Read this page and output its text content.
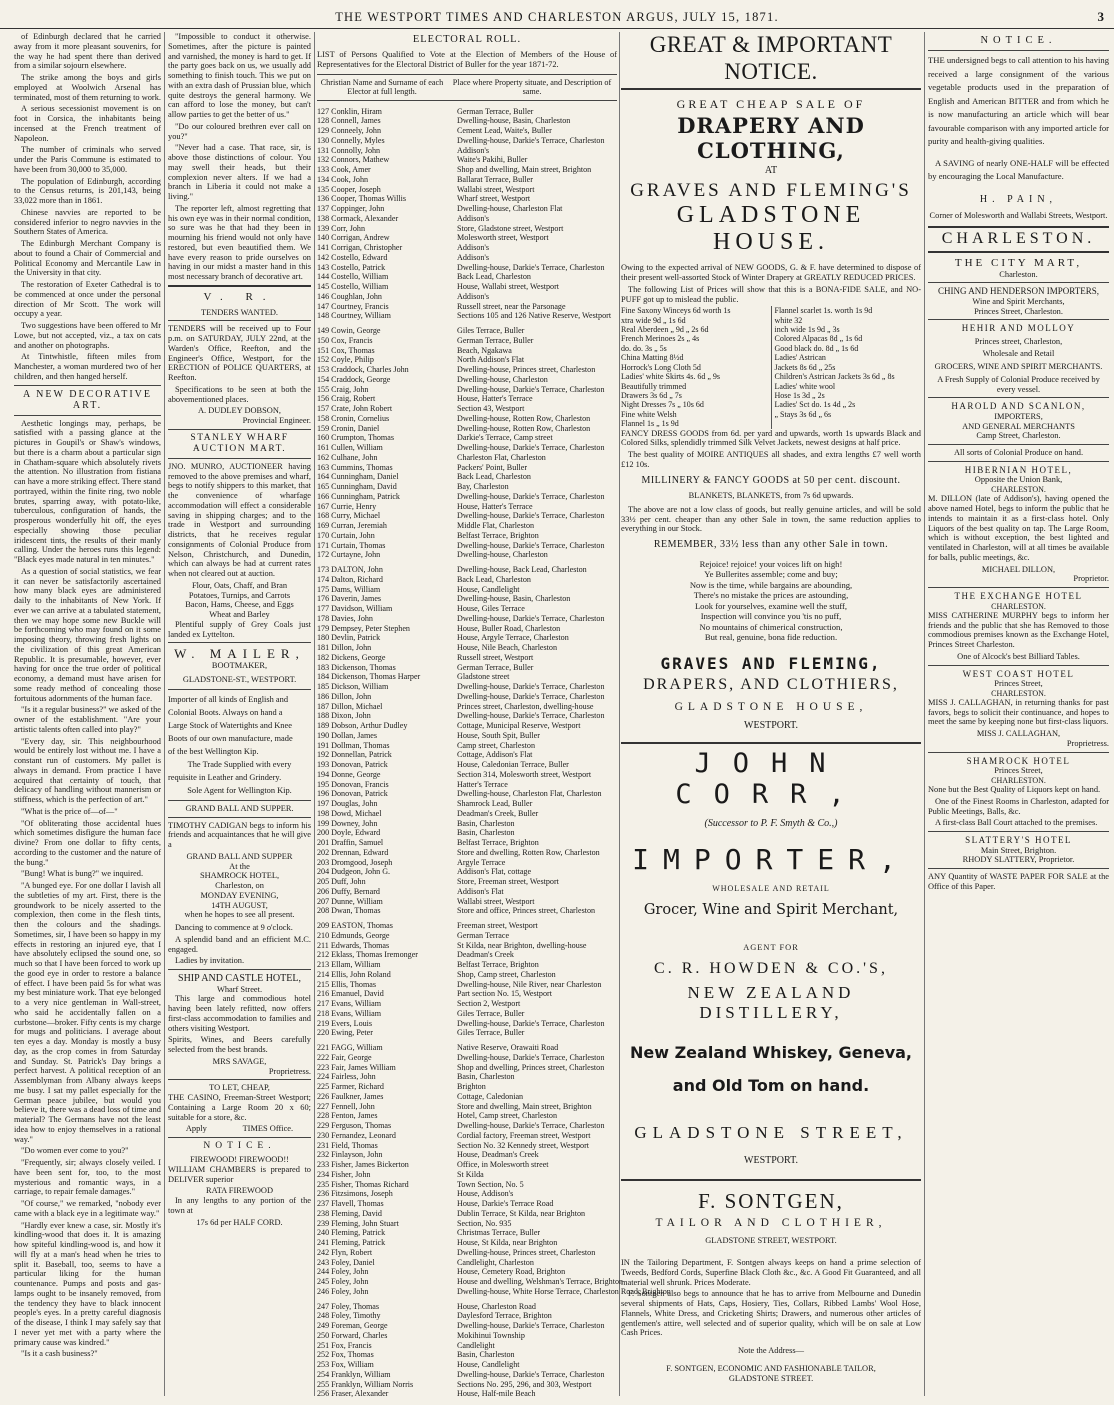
THE WESTPORT TIMES AND CHARLESTON ARGUS, JULY 15, 1871.	3

of Edinburgh declared that he carried away from it more pleasant souvenirs, for the way he had spent there than derived from a similar sojourn elsewhere.

The strike among the boys and girls employed at Woolwich Arsenal has terminated, most of them returning to work.

A serious secessionist movement is on foot in Corsica, the inhabitants being incensed at the French treatment of Napoleon.

The number of criminals who served under the Paris Commune is estimated to have been from 30,000 to 35,000.

The population of Edinburgh, according to the Census returns, is 201,143, being 33,022 more than in 1861.

Chinese navvies are reported to be considered inferior to negro navvies in the Southern States of America.

The Edinburgh Merchant Company is about to found a Chair of Commercial and Political Economy and Mercantile Law in the University in that city.

The restoration of Exeter Cathedral is to be commenced at once under the personal direction of Mr Scott. The work will occupy a year.

Two suggestions have been offered to Mr Lowe, but not accepted, viz., a tax on cats and another on photographs.

At Tintwhistle, fifteen miles from Manchester, a woman murdered two of her children, and then hanged herself.

A NEW DECORATIVE ART.

Aesthetic longings may, perhaps, be satisfied with a passing glance at the pictures in Goupil's or Shaw's windows, but there is a charm about a particular sign in Chatham-square which absolutely rivets the attention. No illustration from fistiana can have a more striking effect. There stand portrayed, within the finite ring, two noble brutes, sparring away, with potato-like, tuberculous, configuration of hands, the prosperous wonderfully hit off, the eyes especially showing those peculiar iridescent tints, the results of their manly calling. Under the heroes runs this legend: "Black eyes made natural in ten minutes."

As a question of social statistics, we fear it can never be satisfactorily ascertained how many black eyes are administered daily to the inhabitants of New York. If ever we can arrive at a tabulated statement, then we may hope some new Buckle will be forthcoming who may found on it some imposing theory, throwing fresh lights on the civilization of this great American Republic. It is presumable, however, ever having for once the true order of political economy, a demand must have arisen for some ready method of concealing those fortuitous adornments of the human face.

"Is it a regular business?" we asked of the owner of the establishment. "Are your artistic talents often called into play?"

"Every day, sir. This neighbourhood would be entirely lost without me. I have a constant run of customers. My pallet is always in demand. From practice I have acquired that certainty of touch, that delicacy of handling without mannerism or stiffness, which is the perfection of art."

"What is the price of—of—"

"Of obliterating those accidental hues which sometimes disfigure the human face divine? From one dollar to fifty cents, according to the customer and the nature of the bung."

"Bung! What is bung?" we inquired.

"A bunged eye. For one dollar I lavish all the subtleties of my art. First, there is the groundwork to be nicely asserted to the complexion, then come in the flesh tints, then the colours and the shadings. Sometimes, sir, I have been so happy in my effects in restoring an injured eye, that I have absolutely eclipsed the sound one, so much so that I have been forced to work up the good eye in order to restore a balance of effect. I have been paid 5s for what was my best miniature work. That eye belonged to a very nice gentleman in Wall-street, who said he accidentally fallen on a curbstone—broker. Fifty cents is my charge for mugs and politicians. I average about ten eyes a day. Monday is mostly a busy day, as the crop comes in from Saturday and Sunday. St. Patrick's Day brings a perfect harvest. A political reception of an Assemblyman from Albany always keeps me busy. I sat my pallet especially for the German peace jubilee, but would you believe it, there was a dead loss of time and material? The Germans have not the least idea how to enjoy themselves in a rational way."

"Do women ever come to you?"

"Frequently, sir; always closely veiled. I have been sent for, too, to the most mysterious and romantic ways, in a carriage, to repair female damages."

"Of course," we remarked, "nobody ever came with a black eye in a legitimate way."

"Hardly ever knew a case, sir. Mostly it's kindling-wood that does it. It is amazing how spiteful kindling-wood is, and how it will fly at a man's head when he tries to split it. Baseball, too, seems to have a particular liking for the human countenance. Pumps and posts and gas-lamps ought to be insanely removed, from the tendency they have to black innocent people's eyes. In a pretty careful diagnosis of the disease, I think I may safely say that I never yet met with a party where the primary cause was kindred."

"Is it a cash business?"

"Impossible to conduct it otherwise. Sometimes, after the picture is painted and varnished, the money is hard to get. If the party goes back on us, we usually add something to finish touch. This we put on with an extra dash of Prussian blue, which quite destroys the general harmony. We can afford to lose the money, but can't allow parties to get the better of us."

"Do our coloured brethren ever call on you?"

"Never had a case. That race, sir, is above those distinctions of colour. You may swell their heads, but their complexion never alters. If we had a branch in Liberia it could not make a living."

The reporter left, almost regretting that his own eye was in their normal condition, so sure was he that had they been in mourning his friend would not only have restored, but even beautified them. We have every reason to pride ourselves on having in our midst a master hand in this most necessary branch of decorative art.

V. R.
TENDERS WANTED.

TENDERS will be received up to Four p.m. on SATURDAY, JULY 22nd, at the Warden's Office, Reefton, and the Engineer's Office, Westport, for the ERECTION of POLICE QUARTERS, at Reefton.

Specifications to be seen at both the abovementioned places.

A. DUDLEY DOBSON,
Provincial Engineer.
STANLEY WHARF AUCTION MART.

JNO. MUNRO, AUCTIONEER having removed to the above premises and wharf, begs to notify shippers to this market, that the convenience of wharfage accommodation will effect a considerable saving in shipping charges; and to the trade in Westport and surrounding districts, that he receives regular consignments of Colonial Produce from Nelson, Christchurch, and Dunedin, which can always be had at current rates when not cleared out at auction.

Flour, Oats, Chaff, and Bran
Potatoes, Turnips, and Carrots
Bacon, Hams, Cheese, and Eggs
Wheat and Barley

Plentiful supply of Grey Coals just landed ex Lyttelton.

W. MAILER,
BOOTMAKER,
GLADSTONE-ST., WESTPORT.
Importer of all kinds of English and
Colonial Boots. Always on hand a
Large Stock of Watertights and Knee
Boots of our own manufacture, made
of the best Wellington Kip.
The Trade Supplied with every
requisite in Leather and Grindery.
Sole Agent for Wellington Kip.
GRAND BALL AND SUPPER.

TIMOTHY CADIGAN begs to inform his friends and acquaintances that he will give a

GRAND BALL AND SUPPER
At the
SHAMROCK HOTEL,
Charleston, on
MONDAY EVENING,
14TH AUGUST,
when he hopes to see all present.

Dancing to commence at 9 o'clock.

A splendid band and an efficient M.C. engaged.

Ladies by invitation.

SHIP AND CASTLE HOTEL,
Wharf Street.

This large and commodious hotel having been lately refitted, now offers first-class accommodation to families and others visiting Westport.

Spirits, Wines, and Beers carefully selected from the best brands.

MRS SAVAGE,
Proprietress.
TO LET, CHEAP,

THE CASINO, Freeman-Street Westport; Containing a Large Room 20 x 60; suitable for a store, &c.

Apply	TIMES Office.
NOTICE.
FIREWOOD! FIREWOOD!!

WILLIAM CHAMBERS is prepared to DELIVER superior

RATA FIREWOOD

In any lengths to any portion of the town at

17s 6d per HALF CORD.
ELECTORAL ROLL.

LIST of Persons Qualified to Vote at the Election of Members of the House of Representatives for the Electoral District of Buller for the year 1871-72.

Christian Name and Surname of each Elector at full length.
Place where Property situate, and Description of same.
127 Conklin, Hiram	German Terrace, Buller
128 Connell, James	Dwelling-house, Basin, Charleston
129 Conneely, John	Cement Lead, Waite's, Buller
130 Connelly, Myles	Dwelling-house, Darkie's Terrace, Charleston
131 Connolly, John	Addison's
132 Connors, Mathew	Waite's Pakihi, Buller
133 Cook, Amer	Shop and dwelling, Main street, Brighton
134 Cook, John	Ballarat Terrace, Buller
135 Cooper, Joseph	Wallabi street, Westport
136 Cooper, Thomas Willis	Wharf street, Westport
137 Coppinger, John	Dwelling-house, Charleston Flat
138 Cormack, Alexander	Addison's
139 Corr, John	Store, Gladstone street, Westport
140 Corrigan, Andrew	Molesworth street, Westport
141 Corrigan, Christopher	Addison's
142 Costello, Edward	Addison's
143 Costello, Patrick	Dwelling-house, Darkie's Terrace, Charleston
144 Costello, William	Back Lead, Charleston
145 Costello, William	House, Wallabi street, Westport
146 Coughlan, John	Addison's
147 Courtney, Francis	Russell street, near the Parsonage
148 Courtney, William	Sections 105 and 126 Native Reserve, Westport
149 Cowin, George	Giles Terrace, Buller
150 Cox, Francis	German Terrace, Buller
151 Cox, Thomas	Beach, Ngakawa
152 Coyle, Philip	North Addison's Flat
153 Craddock, Charles John	Dwelling-house, Princes street, Charleston
154 Craddock, George	Dwelling-house, Charleston
155 Craig, John	Dwelling-house, Darkie's Terrace, Charleston
156 Craig, Robert	House, Hatter's Terrace
157 Crate, John Robert	Section 43, Westport
158 Cronin, Cornelius	Dwelling-house, Rotten Row, Charleston
159 Cronin, Daniel	Dwelling-house, Rotten Row, Charleston
160 Crumpton, Thomas	Darkie's Terrace, Camp street
161 Cullen, William	Dwelling-house, Darkie's Terrace, Charleston
162 Culhane, John	Charleston Flat, Charleston
163 Cummins, Thomas	Packers' Point, Buller
164 Cunningham, Daniel	Back Lead, Charleston
165 Cunningham, David	Bay, Charleston
166 Cunningham, Patrick	Dwelling-house, Darkie's Terrace, Charleston
167 Currie, Henry	House, Hatter's Terrace
168 Curry, Michael	Dwelling-house, Darkie's Terrace, Charleston
169 Curran, Jeremiah	Middle Flat, Charleston
170 Curtain, John	Belfast Terrace, Brighton
171 Curtain, Thomas	Dwelling-house, Darkie's Terrace, Charleston
172 Curtayne, John	Dwelling-house, Charleston
173 DALTON, John	Dwelling-house, Back Lead, Charleston
174 Dalton, Richard	Back Lead, Charleston
175 Dams, William	House, Candlelight
176 Daverin, James	Dwelling-house, Basin, Charleston
177 Davidson, William	House, Giles Terrace
178 Davies, John	Dwelling-house, Darkie's Terrace, Charleston
179 Dempsey, Peter Stephen	House, Buller Road, Charleston
180 Devlin, Patrick	House, Argyle Terrace, Charleston
181 Dillon, John	House, Nile Beach, Charleston
182 Dickens, George	Russell street, Westport
183 Dickenson, Thomas	German Terrace, Buller
184 Dickenson, Thomas Harper	Gladstone street
185 Dickson, William	Dwelling-house, Darkie's Terrace, Charleston
186 Dillon, John	Dwelling-house, Darkie's Terrace, Charleston
187 Dillon, Michael	Princes street, Charleston, dwelling-house
188 Dixon, John	Dwelling-house, Darkie's Terrace, Charleston
189 Dobson, Arthur Dudley	Cottage, Municipal Reserve, Westport
190 Dollan, James	House, South Spit, Buller
191 Dollman, Thomas	Camp street, Charleston
192 Donnellan, Patrick	Cottage, Addison's Flat
193 Donovan, Patrick	House, Caledonian Terrace, Buller
194 Donne, George	Section 314, Molesworth street, Westport
195 Donovan, Francis	Hatter's Terrace
196 Donovan, Patrick	Dwelling-house, Charleston Flat, Charleston
197 Douglas, John	Shamrock Lead, Buller
198 Dowd, Michael	Deadman's Creek, Buller
199 Downey, John	Basin, Charleston
200 Doyle, Edward	Basin, Charleston
201 Draffin, Samuel	Belfast Terrace, Brighton
202 Drennan, Edward	Store and dwelling, Rotten Row, Charleston
203 Dromgood, Joseph	Argyle Terrace
204 Dudgeon, John G.	Addison's Flat, cottage
205 Duff, John	Store, Freeman street, Westport
206 Duffy, Bernard	Addison's Flat
207 Dunne, William	Wallabi street, Westport
208 Dwan, Thomas	Store and office, Princes street, Charleston
209 EASTON, Thomas	Freeman street, Westport
210 Edmunds, George	German Terrace
211 Edwards, Thomas	St Kilda, near Brighton, dwelling-house
212 Eklass, Thomas Iremonger	Deadman's Creek
213 Ellam, William	Belfast Terrace, Brighton
214 Ellis, John Roland	Shop, Camp street, Charleston
215 Ellis, Thomas	Dwelling-house, Nile River, near Charleston
216 Emanuel, David	Part section No. 15, Westport
217 Evans, William	Section 2, Westport
218 Evans, William	Giles Terrace, Buller
219 Evers, Louis	Dwelling-house, Darkie's Terrace, Charleston
220 Ewing, Peter	Giles Terrace, Buller
221 FAGG, William	Native Reserve, Orawaiti Road
222 Fair, George	Dwelling-house, Darkie's Terrace, Charleston
223 Fair, James William	Shop and dwelling, Princes street, Charleston
224 Fairless, John	Basin, Charleston
225 Farmer, Richard	Brighton
226 Faulkner, James	Cottage, Caledonian
227 Fennell, John	Store and dwelling, Main street, Brighton
228 Fenton, James	Hotel, Camp street, Charleston
229 Ferguson, Thomas	Dwelling-house, Darkie's Terrace, Charleston
230 Fernandez, Leonard	Cordial factory, Freeman street, Westport
231 Field, Thomas	Section No. 32 Kennedy street, Westport
232 Finlayson, John	House, Deadman's Creek
233 Fisher, James Bickerton	Office, in Molesworth street
234 Fisher, John	St Kilda
235 Fisher, Thomas Richard	Town Section, No. 5
236 Fitzsimons, Joseph	House, Addison's
237 Flavell, Thomas	House, Darkie's Terrace Road
238 Fleming, David	Dublin Terrace, St Kilda, near Brighton
239 Fleming, John Stuart	Section, No. 935
240 Fleming, Patrick	Christmas Terrace, Buller
241 Fleming, Patrick	House, St Kilda, near Brighton
242 Flyn, Robert	Dwelling-house, Princes street, Charleston
243 Foley, Daniel	Candlelight, Charleston
244 Foley, John	House, Cemetery Road, Brighton
245 Foley, John	House and dwelling, Welshman's Terrace, Brighton
246 Foley, John	Dwelling-house, White Horse Terrace, Charleston Road, Brighton
247 Foley, Thomas	House, Charleston Road
248 Foley, Timothy	Daylesford Terrace, Brighton
249 Foreman, George	Dwelling-house, Darkie's Terrace, Charleston
250 Forward, Charles	Mokihinui Township
251 Fox, Francis	Candlelight
252 Fox, Thomas	Basin, Charleston
253 Fox, William	House, Candlelight
254 Franklyn, William	Dwelling-house, Darkie's Terrace, Charleston
255 Franklyn, William Norris	Sections No. 295, 296, and 303, Westport
256 Fraser, Alexander	House, Half-mile Beach
GREAT & IMPORTANT NOTICE.
GREAT CHEAP SALE OF
DRAPERY AND CLOTHING,
AT
GRAVES AND FLEMING'S
GLADSTONE HOUSE.

Owing to the expected arrival of NEW GOODS, G. & F. have determined to dispose of their present well-assorted Stock of Winter Drapery at GREATLY REDUCED PRICES.

The following List of Prices will show that this is a BONA-FIDE SALE, and NO-PUFF got up to mislead the public.

Fine Saxony Winceys 6d worth 1s
xtra wide 9d „ 1s 6d
Real Aberdeen „ 9d „ 2s 6d
French Merinoes 2s „ 4s
do. do. 3s „ 5s
China Matting 8½d
Horrock's Long Cloth 5d
Ladies' white Skirts 4s. 6d „ 9s
Beautifully trimmed
Drawers 3s 6d „ 7s
Night Dresses 7s „ 10s 6d
Fine white Welsh
Flannel 1s „ 1s 9d
Flannel scarlet 1s. worth 1s 9d
white 32
inch wide 1s 9d „ 3s
Colored Alpacas 8d „ 1s 6d
Good black do. 8d „ 1s 6d
Ladies' Astrican
Jackets 8s 6d „ 25s
Children's Astrican Jackets 3s 6d „ 8s
Ladies' white wool
Hose 1s 3d „ 2s
Ladies' Sct do. 1s 4d „ 2s
„ Stays 3s 6d „ 6s

FANCY DRESS GOODS from 6d. per yard and upwards, worth 1s upwards Black and Colored Silks, splendidly trimmed Silk Velvet Jackets, newest designs at half price.

The best quality of MOIRE ANTIQUES all shades, and extra lengths £7 well worth £12 10s.

MILLINERY & FANCY GOODS at 50 per cent. discount.
BLANKETS, BLANKETS, from 7s 6d upwards.

The above are not a low class of goods, but really genuine articles, and will be sold 33½ per cent. cheaper than any other Sale in town, the same reduction applies to everything in our Stock.

REMEMBER, 33½ less than any other Sale in town.
Rejoice! rejoice! your voices lift on high!
Ye Bullerites assemble; come and buy;
Now is the time, while bargains are abounding,
There's no mistake the prices are astounding,
Look for yourselves, examine well the stuff,
Inspection will convince you 'tis no puff,
No mountains of chimerical construction,
But real, genuine, bona fide reduction.
GRAVES AND FLEMING,
DRAPERS, AND CLOTHIERS,
GLADSTONE HOUSE,
WESTPORT.
JOHN CORR,
(Successor to P. F. Smyth & Co.,)
IMPORTER,
WHOLESALE AND RETAIL
Grocer, Wine and Spirit Merchant,
AGENT FOR
C. R. HOWDEN & CO.'S,
NEW ZEALAND DISTILLERY,
New Zealand Whiskey, Geneva,
and Old Tom on hand.
GLADSTONE STREET,
WESTPORT.
F. SONTGEN,
TAILOR AND CLOTHIER,
GLADSTONE STREET, WESTPORT.

IN the Tailoring Department, F. Sontgen always keeps on hand a prime selection of Tweeds, Bedford Cords, Superfine Black Cloth &c., &c. A Good Fit Guaranteed, and all material well shrunk. Prices Moderate.

F. Sontgen also begs to announce that he has to arrive from Melbourne and Dunedin several shipments of Hats, Caps, Hosiery, Ties, Collars, Ribbed Lambs' Wool Hose, Flannels, White Dress, and Cricketing Shirts; Drawers, and numerous other articles of gentlemen's attire, well selected and of superior quality, which will be on sale at Low Cash Prices.

Note the Address—
F. SONTGEN, ECONOMIC AND FASHIONABLE TAILOR,
GLADSTONE STREET.
NOTICE.

THE undersigned begs to call attention to his having received a large consignment of the various vegetable products used in the preparation of English and American BITTER and from which he is now manufacturing an article which will bear favourable comparison with any imported article for purity and health-giving qualities.

A SAVING of nearly ONE-HALF will be effected by encouraging the Local Manufacture.

H. PAIN,

Corner of Molesworth and Wallabi Streets, Westport.

CHARLESTON.
THE CITY MART,
Charleston.
CHING AND HENDERSON IMPORTERS,
Wine and Spirit Merchants,
Princes Street, Charleston.
HEHIR AND MOLLOY
Princes street, Charleston,
Wholesale and Retail
GROCERS, WINE AND SPIRIT MERCHANTS.

A Fresh Supply of Colonial Produce received by every vessel.

HAROLD AND SCANLON,
IMPORTERS,
AND GENERAL MERCHANTS
Camp Street, Charleston.
All sorts of Colonial Produce on hand.
HIBERNIAN HOTEL,
Opposite the Union Bank,
CHARLESTON.

M. DILLON (late of Addison's), having opened the above named Hotel, begs to inform the public that he intends to maintain it as a first-class hotel. Only Liquors of the best quality on tap. The Large Room, which is without exception, the best lighted and ventilated in Charleston, will at all times be available for balls, public meetings, &c.

MICHAEL DILLON,
Proprietor.
THE EXCHANGE HOTEL
CHARLESTON.

MISS CATHERINE MURPHY begs to inform her friends and the public that she has Removed to those commodious premises known as the Exchange Hotel, Princes Street Charleston.

One of Alcock's best Billiard Tables.
WEST COAST HOTEL
Princes Street,
CHARLESTON.

MISS J. CALLAGHAN, in returning thanks for past favors, begs to solicit their continuance, and hopes to meet the same by keeping none but first-class liquors.

MISS J. CALLAGHAN,
Proprietress.
SHAMROCK HOTEL
Princes Street,
CHARLESTON.

None but the Best Quality of Liquors kept on hand.

One of the Finest Rooms in Charleston, adapted for Public Meetings, Balls, &c.

A first-class Ball Court attached to the premises.

SLATTERY'S HOTEL
Main Street, Brighton.
RHODY SLATTERY, Proprietor.

ANY Quantity of WASTE PAPER FOR SALE at the Office of this Paper.
